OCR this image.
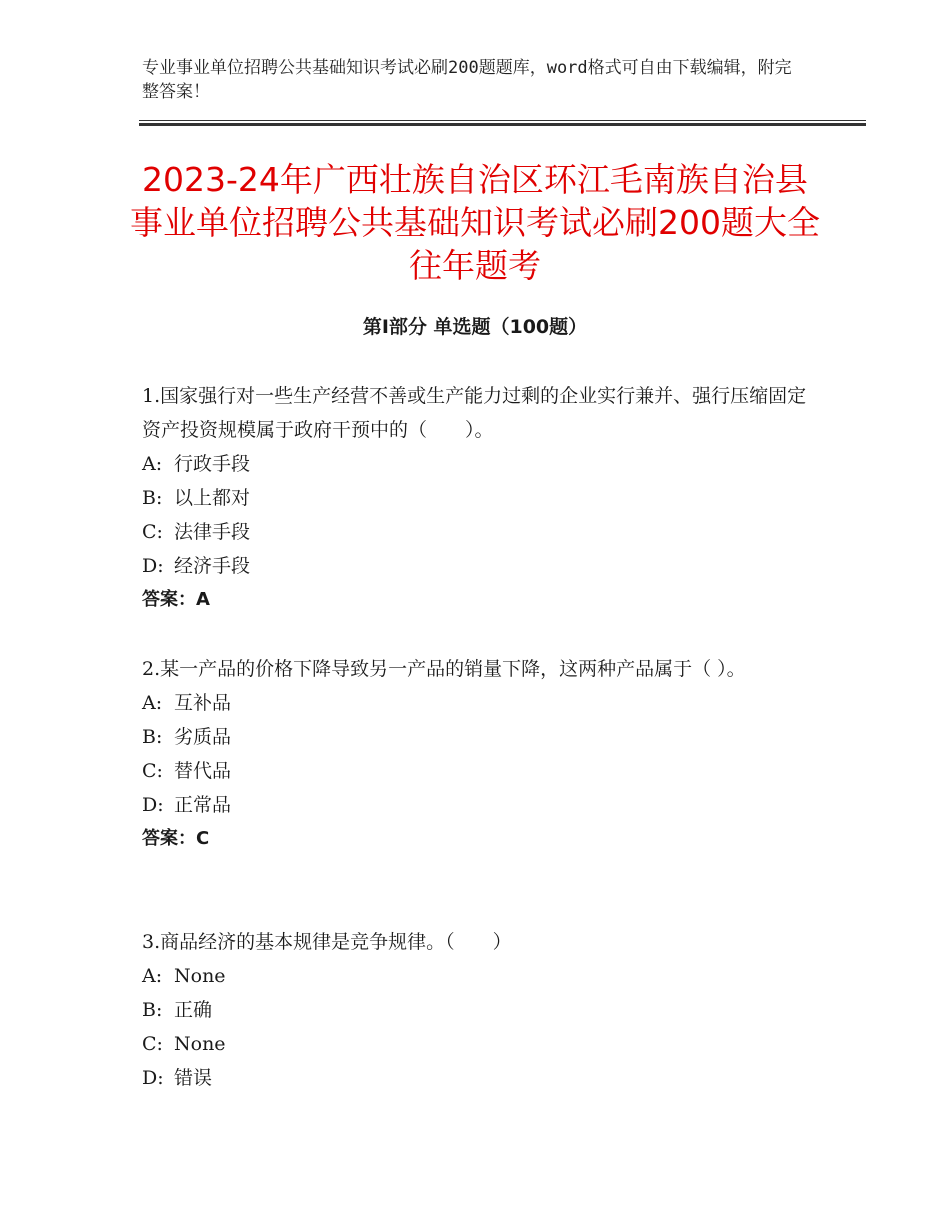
专业事业单位招聘公共基础知识考试必刷200题题库，word格式可自由下载编辑，附完整答案！
2023-24年广西壮族自治区环江毛南族自治县事业单位招聘公共基础知识考试必刷200题大全往年题考
第Ⅰ部分 单选题（100题）

1.国家强行对一些生产经营不善或生产能力过剩的企业实行兼并、强行压缩固定资产投资规模属于政府干预中的（　　）。

A: 行政手段
B: 以上都对
C: 法律手段
D: 经济手段
答案：A

2.某一产品的价格下降导致另一产品的销量下降，这两种产品属于（ ）。

A: 互补品
B: 劣质品
C: 替代品
D: 正常品
答案：C

3.商品经济的基本规律是竞争规律。（　　）

A: None
B: 正确
C: None
D: 错误
